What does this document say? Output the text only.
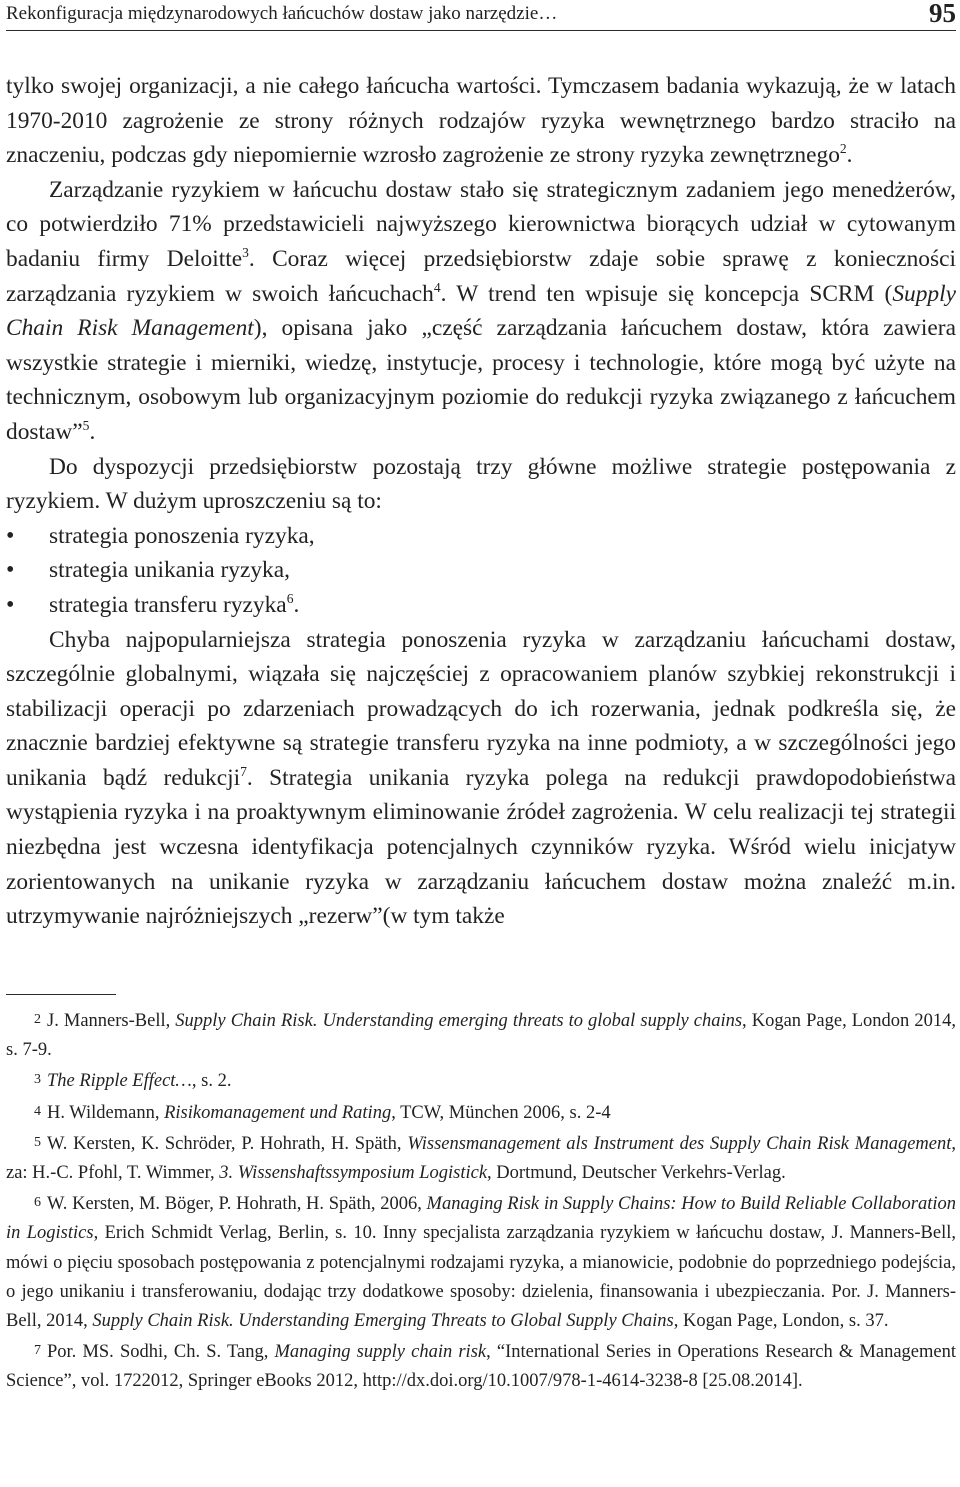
Rekonfiguracja międzynarodowych łańcuchów dostaw jako narzędzie…	95

tylko swojej organizacji, a nie całego łańcucha wartości. Tymczasem badania wykazują, że w latach 1970-2010 zagrożenie ze strony różnych rodzajów ryzyka wewnętrznego bardzo straciło na znaczeniu, podczas gdy niepomiernie wzrosło zagrożenie ze strony ryzyka zewnętrznego$^2$.

Zarządzanie ryzykiem w łańcuchu dostaw stało się strategicznym zadaniem jego menedżerów, co potwierdziło 71% przedstawicieli najwyższego kierownictwa biorących udział w cytowanym badaniu firmy Deloitte$^3$. Coraz więcej przedsiębiorstw zdaje sobie sprawę z konieczności zarządzania ryzykiem w swoich łańcuchach$^4$. W trend ten wpisuje się koncepcja SCRM (Supply Chain Risk Management), opisana jako „część zarządzania łańcuchem dostaw, która zawiera wszystkie strategie i mierniki, wiedzę, instytucje, procesy i technologie, które mogą być użyte na technicznym, osobowym lub organizacyjnym poziomie do redukcji ryzyka związanego z łańcuchem dostaw”$^5$.

Do dyspozycji przedsiębiorstw pozostają trzy główne możliwe strategie postępowania z ryzykiem. W dużym uproszczeniu są to:

• strategia ponoszenia ryzyka,
• strategia unikania ryzyka,
• strategia transferu ryzyka$^6$.

Chyba najpopularniejsza strategia ponoszenia ryzyka w zarządzaniu łańcuchami dostaw, szczególnie globalnymi, wiązała się najczęściej z opracowaniem planów szybkiej rekonstrukcji i stabilizacji operacji po zdarzeniach prowadzących do ich rozerwania, jednak podkreśla się, że znacznie bardziej efektywne są strategie transferu ryzyka na inne podmioty, a w szczególności jego unikania bądź redukcji$^7$. Strategia unikania ryzyka polega na redukcji prawdopodobieństwa wystąpienia ryzyka i na proaktywnym eliminowanie źródeł zagrożenia. W celu realizacji tej strategii niezbędna jest wczesna identyfikacja potencjalnych czynników ryzyka. Wśród wielu inicjatyw zorientowanych na unikanie ryzyka w zarządzaniu łańcuchem dostaw można znaleźć m.in. utrzymywanie najróżniejszych „rezerw”(w tym także

2 J. Manners-Bell, Supply Chain Risk. Understanding emerging threats to global supply chains, Kogan Page, London 2014, s. 7-9.

3 The Ripple Effect…, s. 2.

4 H. Wildemann, Risikomanagement und Rating, TCW, München 2006, s. 2-4

5 W. Kersten, K. Schröder, P. Hohrath, H. Späth, Wissensmanagement als Instrument des Supply Chain Risk Management, za: H.-C. Pfohl, T. Wimmer, 3. Wissenshaftssymposium Logistick, Dortmund, Deutscher Verkehrs-Verlag.

6 W. Kersten, M. Böger, P. Hohrath, H. Späth, 2006, Managing Risk in Supply Chains: How to Build Reliable Collaboration in Logistics, Erich Schmidt Verlag, Berlin, s. 10. Inny specjalista zarządzania ryzykiem w łańcuchu dostaw, J. Manners-Bell, mówi o pięciu sposobach postępowania z potencjalnymi rodzajami ryzyka, a mianowicie, podobnie do poprzedniego podejścia, o jego unikaniu i transferowaniu, dodając trzy dodatkowe sposoby: dzielenia, finansowania i ubezpieczania. Por. J. Manners-Bell, 2014, Supply Chain Risk. Understanding Emerging Threats to Global Supply Chains, Kogan Page, London, s. 37.

7 Por. MS. Sodhi, Ch. S. Tang, Managing supply chain risk, “International Series in Operations Research & Management Science”, vol. 1722012, Springer eBooks 2012, http://dx.doi.org/10.1007/978-1-4614-3238-8 [25.08.2014].
